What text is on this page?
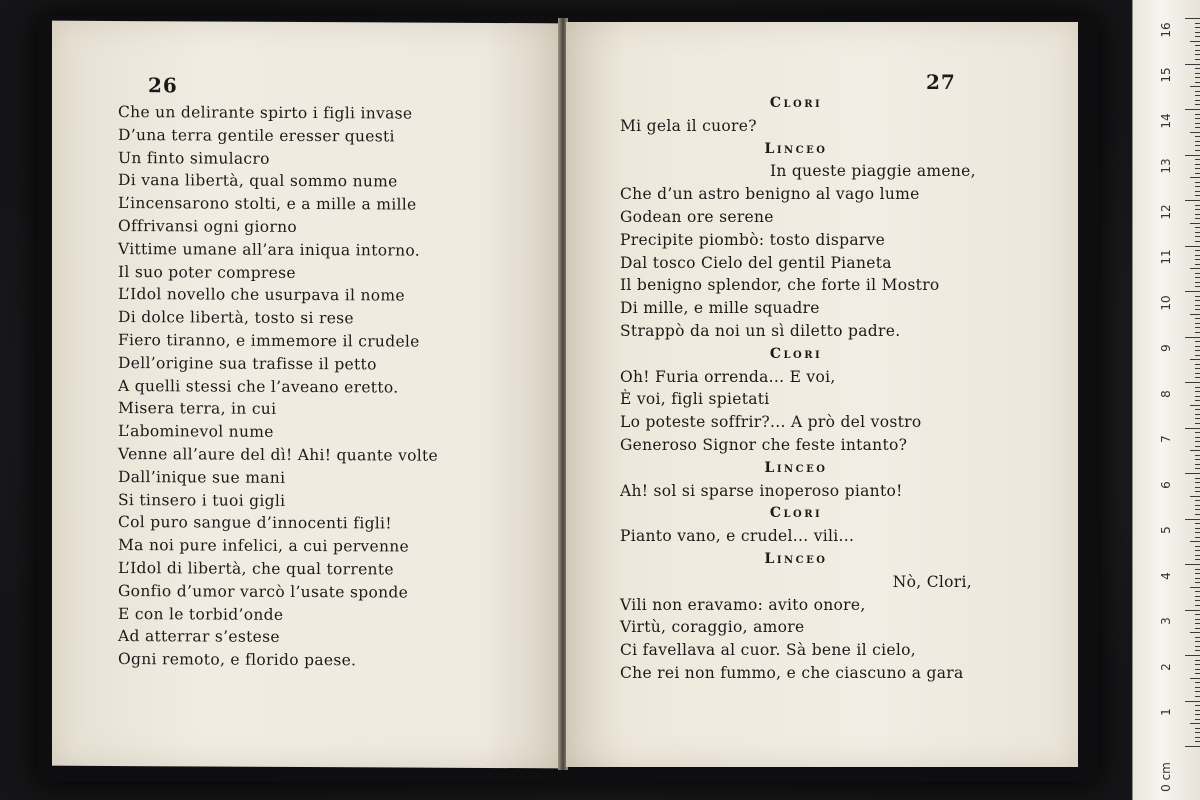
26
Che un delirante spirto i figli invase
D’una terra gentile eresser questi
Un finto simulacro
Di vana libertà, qual sommo nume
L’incensarono stolti, e a mille a mille
Offrivansi ogni giorno
Vittime umane all’ara iniqua intorno.
Il suo poter comprese
L’Idol novello che usurpava il nome
Di dolce libertà, tosto si rese
Fiero tiranno, e immemore il crudele
Dell’origine sua trafisse il petto
A quelli stessi che l’aveano eretto.
Misera terra, in cui
L’abominevol nume
Venne all’aure del dì! Ahi! quante volte
Dall’inique sue mani
Si tinsero i tuoi gigli
Col puro sangue d’innocenti figli!
Ma noi pure infelici, a cui pervenne
L’Idol di libertà, che qual torrente
Gonfio d’umor varcò l’usate sponde
E con le torbid’onde
Ad atterrar s’estese
Ogni remoto, e florido paese.
27
Clori
Mi gela il cuore?
Linceo
In queste piaggie amene,
Che d’un astro benigno al vago lume
Godean ore serene
Precipite piombò: tosto disparve
Dal tosco Cielo del gentil Pianeta
Il benigno splendor, che forte il Mostro
Di mille, e mille squadre
Strappò da noi un sì diletto padre.
Clori
Oh! Furia orrenda... E voi,
È voi, figli spietati
Lo poteste soffrir?... A prò del vostro
Generoso Signor che feste intanto?
Linceo
Ah! sol si sparse inoperoso pianto!
Clori
Pianto vano, e crudel... vili...
Linceo
Nò, Clori,
Vili non eravamo: avito onore,
Virtù, coraggio, amore
Ci favellava al cuor. Sà bene il cielo,
Che rei non fummo, e che ciascuno a gara
16
15
14
13
12
11
10
9
8
7
6
5
4
3
2
1
0 cm
